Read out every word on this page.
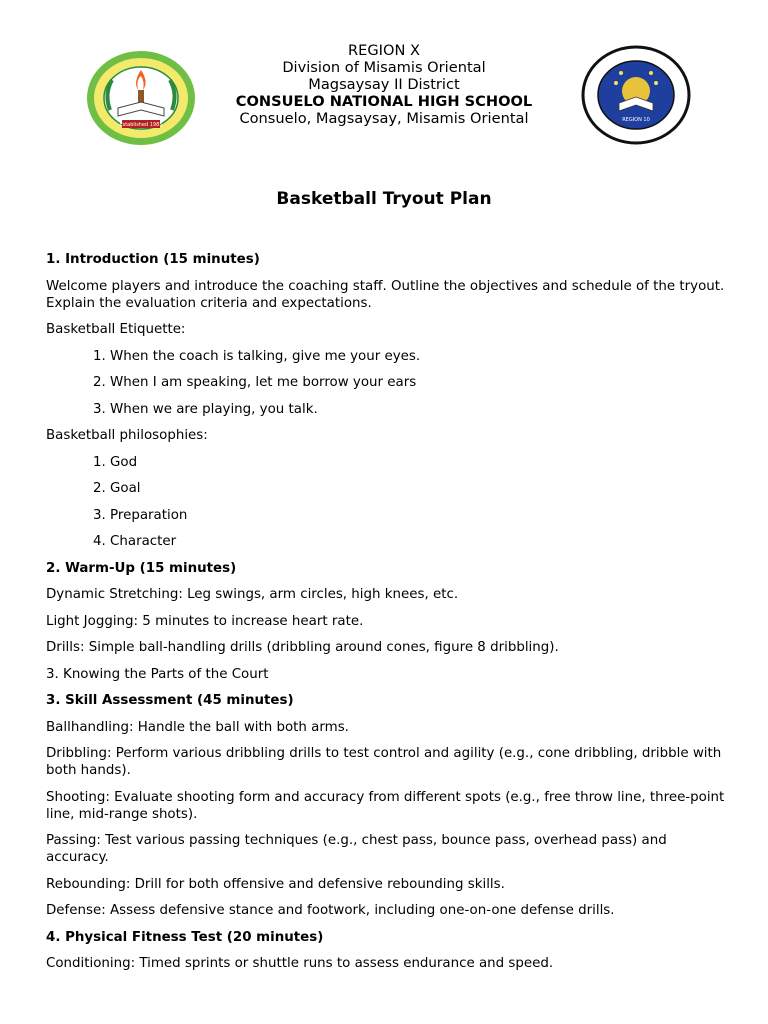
Established 1985
REGION X
Division of Misamis Oriental
Magsaysay II District
CONSUELO NATIONAL HIGH SCHOOL
Consuelo, Magsaysay, Misamis Oriental	REGION 10
Basketball Tryout Plan

1. Introduction (15 minutes)

Welcome players and introduce the coaching staff. Outline the objectives and schedule of the tryout. Explain the evaluation criteria and expectations.

Basketball Etiquette:

1. When the coach is talking, give me your eyes.

2. When I am speaking, let me borrow your ears

3. When we are playing, you talk.

Basketball philosophies:

1. God

2. Goal

3. Preparation

4. Character

2. Warm-Up (15 minutes)

Dynamic Stretching: Leg swings, arm circles, high knees, etc.

Light Jogging: 5 minutes to increase heart rate.

Drills: Simple ball-handling drills (dribbling around cones, figure 8 dribbling).

3. Knowing the Parts of the Court

3. Skill Assessment (45 minutes)

Ballhandling: Handle the ball with both arms.

Dribbling: Perform various dribbling drills to test control and agility (e.g., cone dribbling, dribble with both hands).

Shooting: Evaluate shooting form and accuracy from different spots (e.g., free throw line, three-point line, mid-range shots).

Passing: Test various passing techniques (e.g., chest pass, bounce pass, overhead pass) and accuracy.

Rebounding: Drill for both offensive and defensive rebounding skills.

Defense: Assess defensive stance and footwork, including one-on-one defense drills.

4. Physical Fitness Test (20 minutes)

Conditioning: Timed sprints or shuttle runs to assess endurance and speed.
